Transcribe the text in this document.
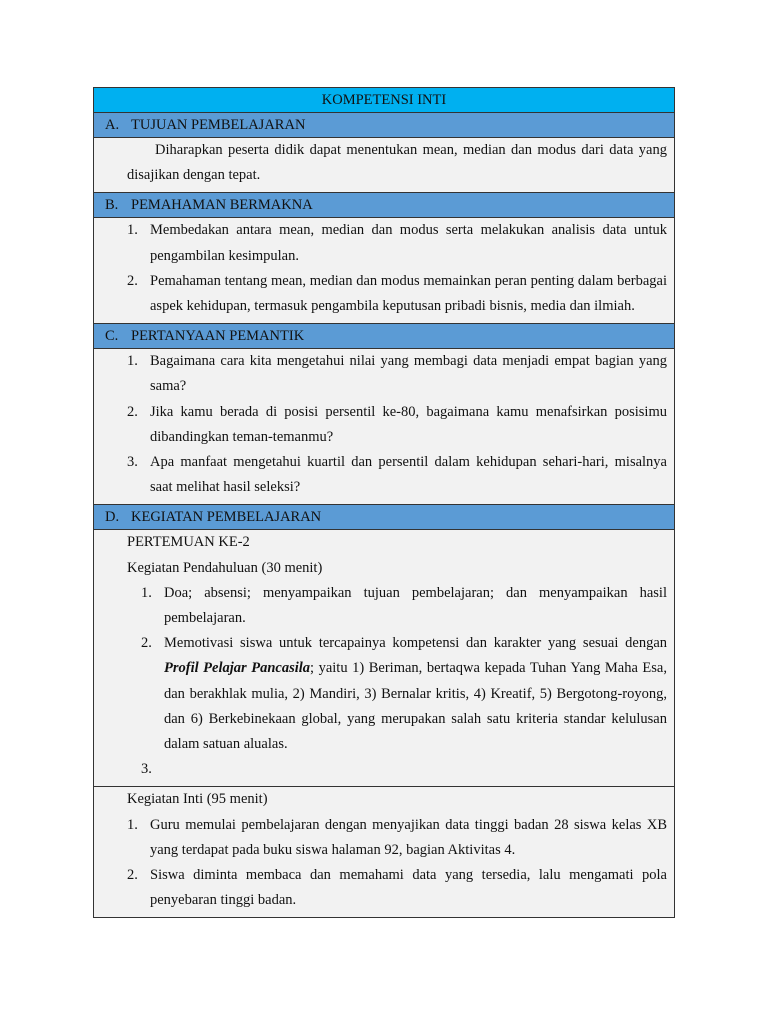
KOMPETENSI INTI
A. TUJUAN PEMBELAJARAN

Diharapkan peserta didik dapat menentukan mean, median dan modus dari data yang disajikan dengan tepat.

B. PEMAHAMAN BERMAKNA

1. Membedakan antara mean, median dan modus serta melakukan analisis data untuk pengambilan kesimpulan.
2. Pemahaman tentang mean, median dan modus memainkan peran penting dalam berbagai aspek kehidupan, termasuk pengambila keputusan pribadi bisnis, media dan ilmiah.

C. PERTANYAAN PEMANTIK

1. Bagaimana cara kita mengetahui nilai yang membagi data menjadi empat bagian yang sama?
2. Jika kamu berada di posisi persentil ke-80, bagaimana kamu menafsirkan posisimu dibandingkan teman-temanmu?
3. Apa manfaat mengetahui kuartil dan persentil dalam kehidupan sehari-hari, misalnya saat melihat hasil seleksi?

D. KEGIATAN PEMBELAJARAN

PERTEMUAN KE-2
Kegiatan Pendahuluan (30 menit)
1. Doa; absensi; menyampaikan tujuan pembelajaran; dan menyampaikan hasil pembelajaran.
2. Memotivasi siswa untuk tercapainya kompetensi dan karakter yang sesuai dengan Profil Pelajar Pancasila; yaitu 1) Beriman, bertaqwa kepada Tuhan Yang Maha Esa, dan berakhlak mulia, 2) Mandiri, 3) Bernalar kritis, 4) Kreatif, 5) Bergotong-royong, dan 6) Berkebinekaan global, yang merupakan salah satu kriteria standar kelulusan dalam satuan alualas.
3.

Kegiatan Inti (95 menit)
1. Guru memulai pembelajaran dengan menyajikan data tinggi badan 28 siswa kelas XB yang terdapat pada buku siswa halaman 92, bagian Aktivitas 4.
2. Siswa diminta membaca dan memahami data yang tersedia, lalu mengamati pola penyebaran tinggi badan.
